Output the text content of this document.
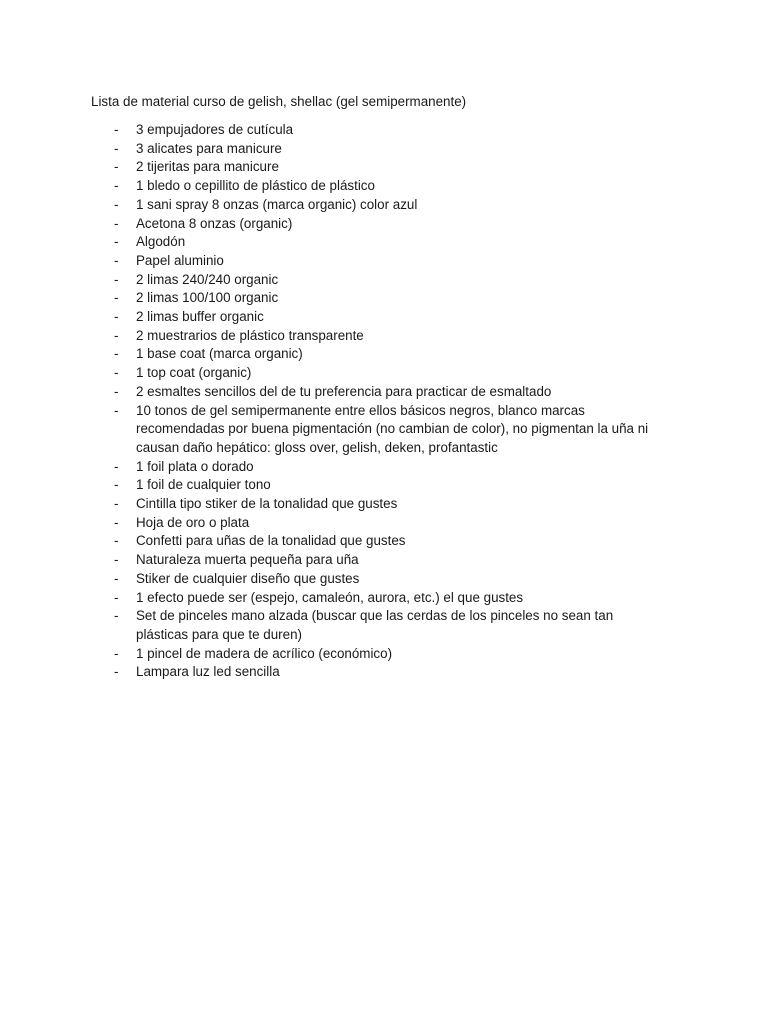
Lista de material curso de gelish, shellac (gel semipermanente)
- 3 empujadores de cutícula
- 3 alicates para manicure
- 2 tijeritas para manicure
- 1 bledo o cepillito de plástico de plástico
- 1 sani spray 8 onzas (marca organic) color azul
- Acetona 8 onzas (organic)
- Algodón
- Papel aluminio
- 2 limas 240/240 organic
- 2 limas 100/100 organic
- 2 limas buffer organic
- 2 muestrarios de plástico transparente
- 1 base coat (marca organic)
- 1 top coat (organic)
- 2 esmaltes sencillos del de tu preferencia para practicar de esmaltado
- 10 tonos de gel semipermanente entre ellos básicos negros, blanco marcas recomendadas por buena pigmentación (no cambian de color), no pigmentan la uña ni causan daño hepático: gloss over, gelish, deken, profantastic
- 1 foil plata o dorado
- 1 foil de cualquier tono
- Cintilla tipo stiker de la tonalidad que gustes
- Hoja de oro o plata
- Confetti para uñas de la tonalidad que gustes
- Naturaleza muerta pequeña para uña
- Stiker de cualquier diseño que gustes
- 1 efecto puede ser (espejo, camaleón, aurora, etc.) el que gustes
- Set de pinceles mano alzada (buscar que las cerdas de los pinceles no sean tan plásticas para que te duren)
- 1 pincel de madera de acrílico (económico)
- Lampara luz led sencilla
